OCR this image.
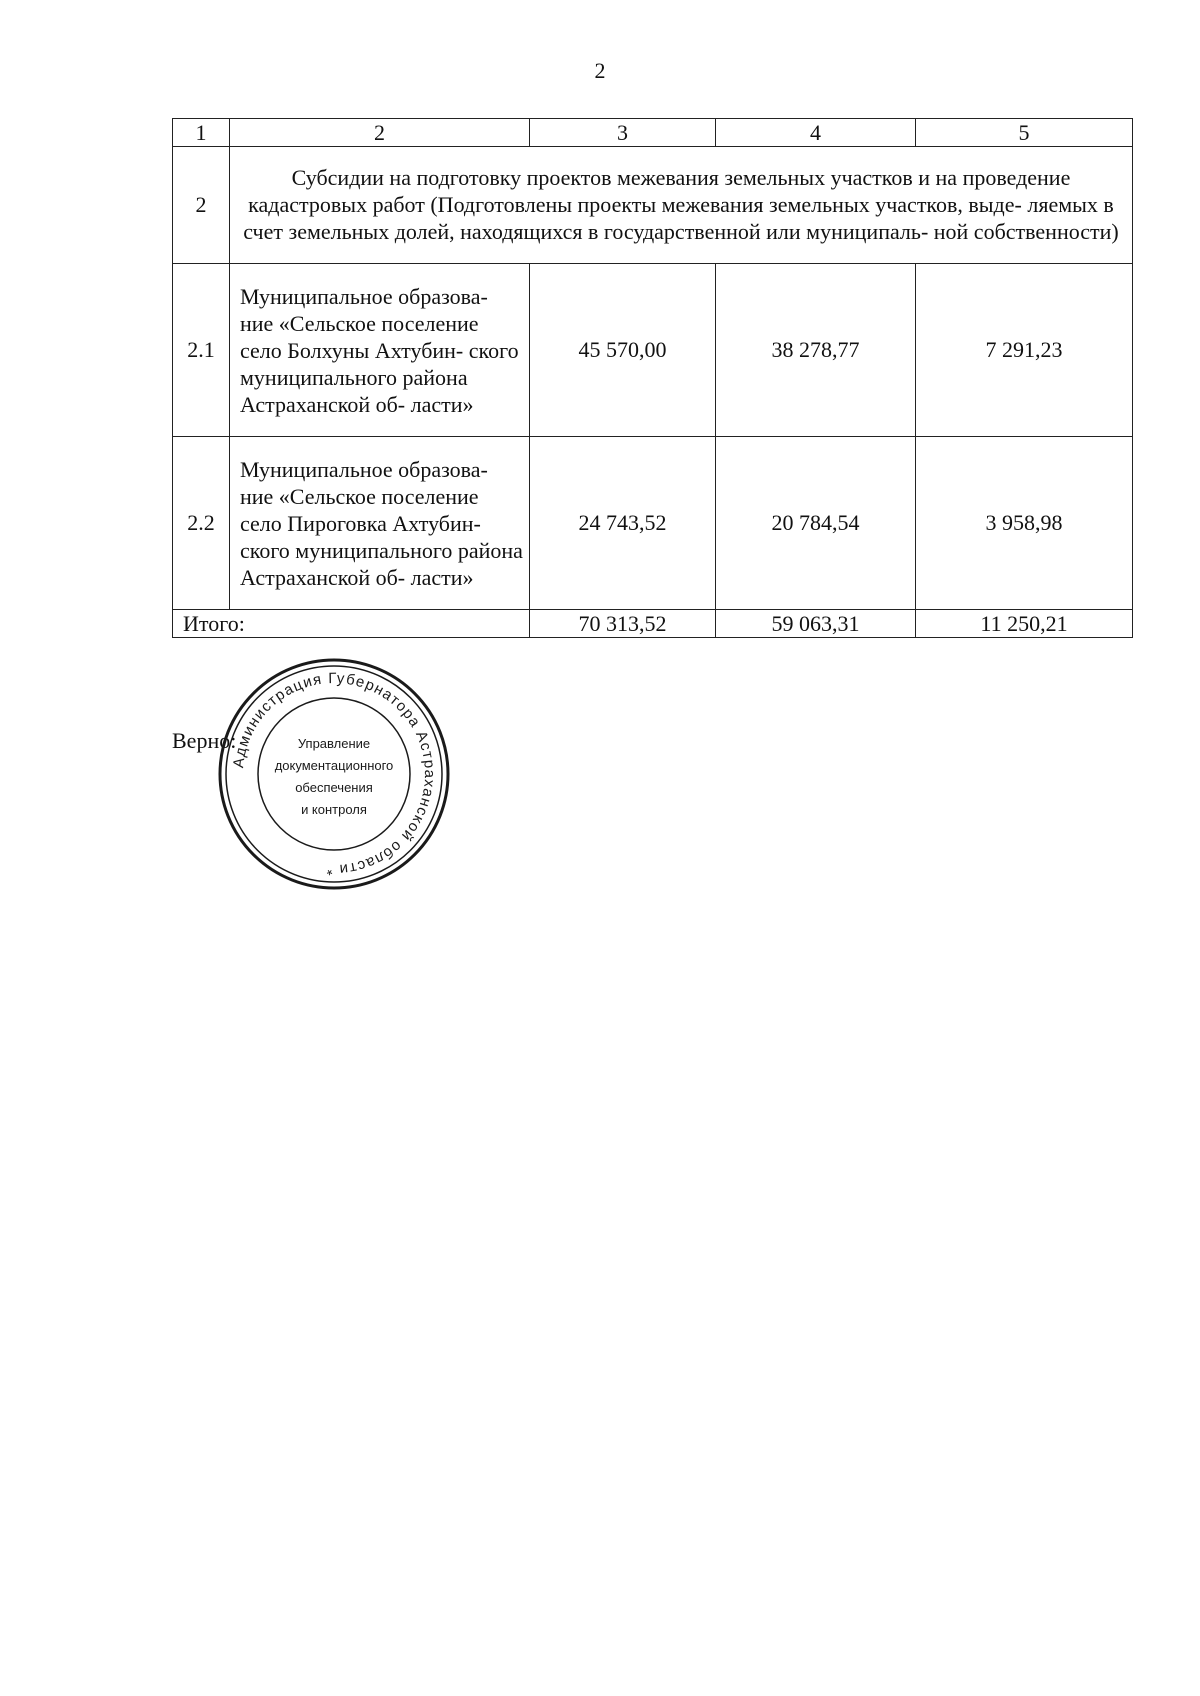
2
1	2	3	4	5
2	Субсидии на подготовку проектов межевания земельных участков и на проведение кадастровых работ (Подготовлены проекты межевания земельных участков, выде- ляемых в счет земельных долей, находящихся в государственной или муниципаль- ной собственности)			
2.1	Муниципальное образова- ние «Сельское поселение село Болхуны Ахтубин- ского муниципального района Астраханской об- ласти»	45 570,00	38 278,77	7 291,23
2.2	Муниципальное образова- ние «Сельское поселение село Пироговка Ахтубин- ского муниципального района Астраханской об- ласти»	24 743,52	20 784,54	3 958,98
Итого:		70 313,52	59 063,31	11 250,21
Верно:
Администрация Губернатора Астраханской области *
Управление
документационного
обеспечения
и контроля
